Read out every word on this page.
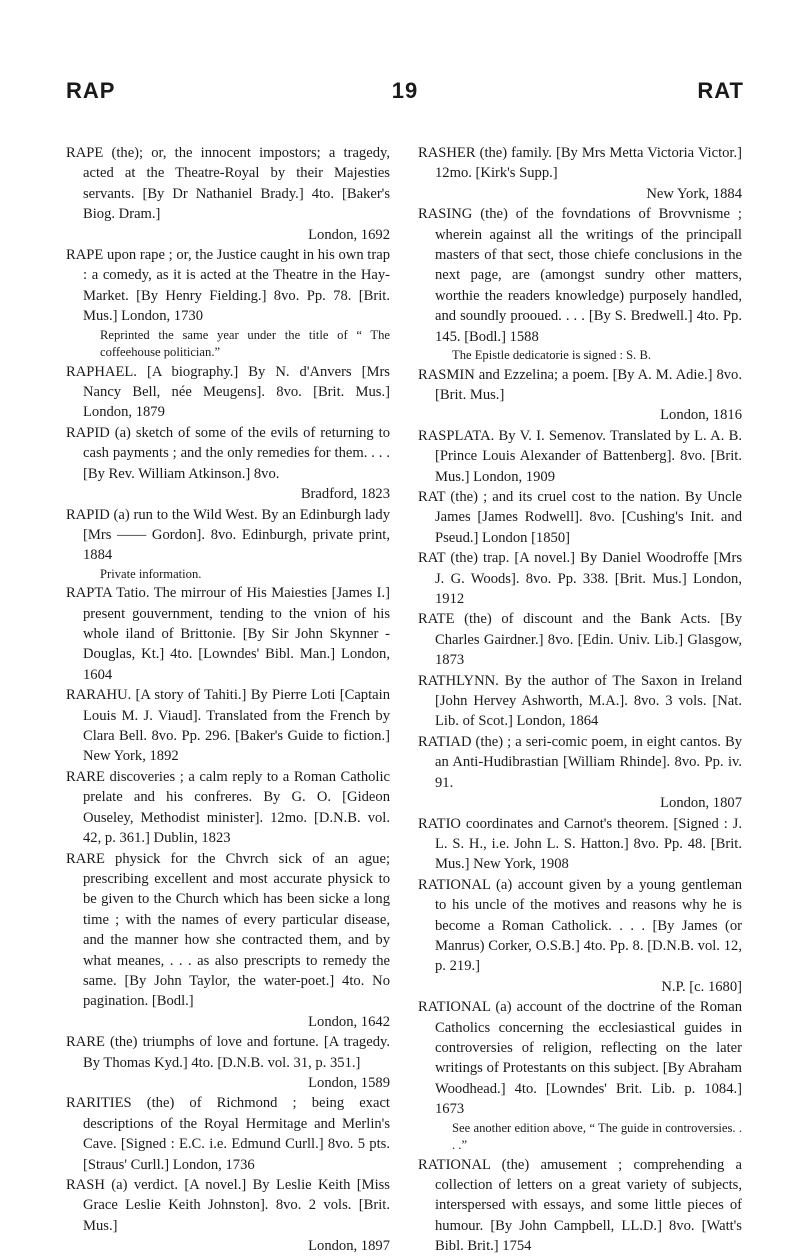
RAP	19	RAT

RAPE (the); or, the innocent impostors; a tragedy, acted at the Theatre-Royal by their Majesties servants. [By Dr Nathaniel Brady.] 4to. [Baker's Biog. Dram.]

London, 1692

RAPE upon rape ; or, the Justice caught in his own trap : a comedy, as it is acted at the Theatre in the Hay-Market. [By Henry Fielding.] 8vo. Pp. 78. [Brit. Mus.] London, 1730

Reprinted the same year under the title of “ The coffeehouse politician.”

RAPHAEL. [A biography.] By N. d'Anvers [Mrs Nancy Bell, née Meugens]. 8vo. [Brit. Mus.] London, 1879

RAPID (a) sketch of some of the evils of returning to cash payments ; and the only remedies for them. . . . [By Rev. William Atkinson.] 8vo.

Bradford, 1823

RAPID (a) run to the Wild West. By an Edinburgh lady [Mrs —— Gordon]. 8vo. Edinburgh, private print, 1884

Private information.

RAPTA Tatio. The mirrour of His Maiesties [James I.] present gouvernment, tending to the vnion of his whole iland of Brittonie. [By Sir John Skynner - Douglas, Kt.] 4to. [Lowndes' Bibl. Man.] London, 1604

RARAHU. [A story of Tahiti.] By Pierre Loti [Captain Louis M. J. Viaud]. Translated from the French by Clara Bell. 8vo. Pp. 296. [Baker's Guide to fiction.] New York, 1892

RARE discoveries ; a calm reply to a Roman Catholic prelate and his confreres. By G. O. [Gideon Ouseley, Methodist minister]. 12mo. [D.N.B. vol. 42, p. 361.] Dublin, 1823

RARE physick for the Chvrch sick of an ague; prescribing excellent and most accurate physick to be given to the Church which has been sicke a long time ; with the names of every particular disease, and the manner how she contracted them, and by what meanes, . . . as also prescripts to remedy the same. [By John Taylor, the water-poet.] 4to. No pagination. [Bodl.]

London, 1642

RARE (the) triumphs of love and fortune. [A tragedy. By Thomas Kyd.] 4to. [D.N.B. vol. 31, p. 351.]

London, 1589

RARITIES (the) of Richmond ; being exact descriptions of the Royal Hermitage and Merlin's Cave. [Signed : E.C. i.e. Edmund Curll.] 8vo. 5 pts. [Straus' Curll.] London, 1736

RASH (a) verdict. [A novel.] By Leslie Keith [Miss Grace Leslie Keith Johnston]. 8vo. 2 vols. [Brit. Mus.]

London, 1897

RASHER (the) family. [By Mrs Metta Victoria Victor.] 12mo. [Kirk's Supp.]

New York, 1884

RASING (the) of the fovndations of Brovvnisme ; wherein against all the writings of the principall masters of that sect, those chiefe conclusions in the next page, are (amongst sundry other matters, worthie the readers knowledge) purposely handled, and soundly prooued. . . . [By S. Bredwell.] 4to. Pp. 145. [Bodl.] 1588

The Epistle dedicatorie is signed : S. B.

RASMIN and Ezzelina; a poem. [By A. M. Adie.] 8vo. [Brit. Mus.]

London, 1816

RASPLATA. By V. I. Semenov. Translated by L. A. B. [Prince Louis Alexander of Battenberg]. 8vo. [Brit. Mus.] London, 1909

RAT (the) ; and its cruel cost to the nation. By Uncle James [James Rodwell]. 8vo. [Cushing's Init. and Pseud.] London [1850]

RAT (the) trap. [A novel.] By Daniel Woodroffe [Mrs J. G. Woods]. 8vo. Pp. 338. [Brit. Mus.] London, 1912

RATE (the) of discount and the Bank Acts. [By Charles Gairdner.] 8vo. [Edin. Univ. Lib.] Glasgow, 1873

RATHLYNN. By the author of The Saxon in Ireland [John Hervey Ashworth, M.A.]. 8vo. 3 vols. [Nat. Lib. of Scot.] London, 1864

RATIAD (the) ; a seri-comic poem, in eight cantos. By an Anti-Hudibrastian [William Rhinde]. 8vo. Pp. iv. 91.

London, 1807

RATIO coordinates and Carnot's theorem. [Signed : J. L. S. H., i.e. John L. S. Hatton.] 8vo. Pp. 48. [Brit. Mus.] New York, 1908

RATIONAL (a) account given by a young gentleman to his uncle of the motives and reasons why he is become a Roman Catholick. . . . [By James (or Manrus) Corker, O.S.B.] 4to. Pp. 8. [D.N.B. vol. 12, p. 219.]

N.P. [c. 1680]

RATIONAL (a) account of the doctrine of the Roman Catholics concerning the ecclesiastical guides in controversies of religion, reflecting on the later writings of Protestants on this subject. [By Abraham Woodhead.] 4to. [Lowndes' Brit. Lib. p. 1084.] 1673

See another edition above, “ The guide in controversies. . . .”

RATIONAL (the) amusement ; comprehending a collection of letters on a great variety of subjects, interspersed with essays, and some little pieces of humour. [By John Campbell, LL.D.] 8vo. [Watt's Bibl. Brit.] 1754
